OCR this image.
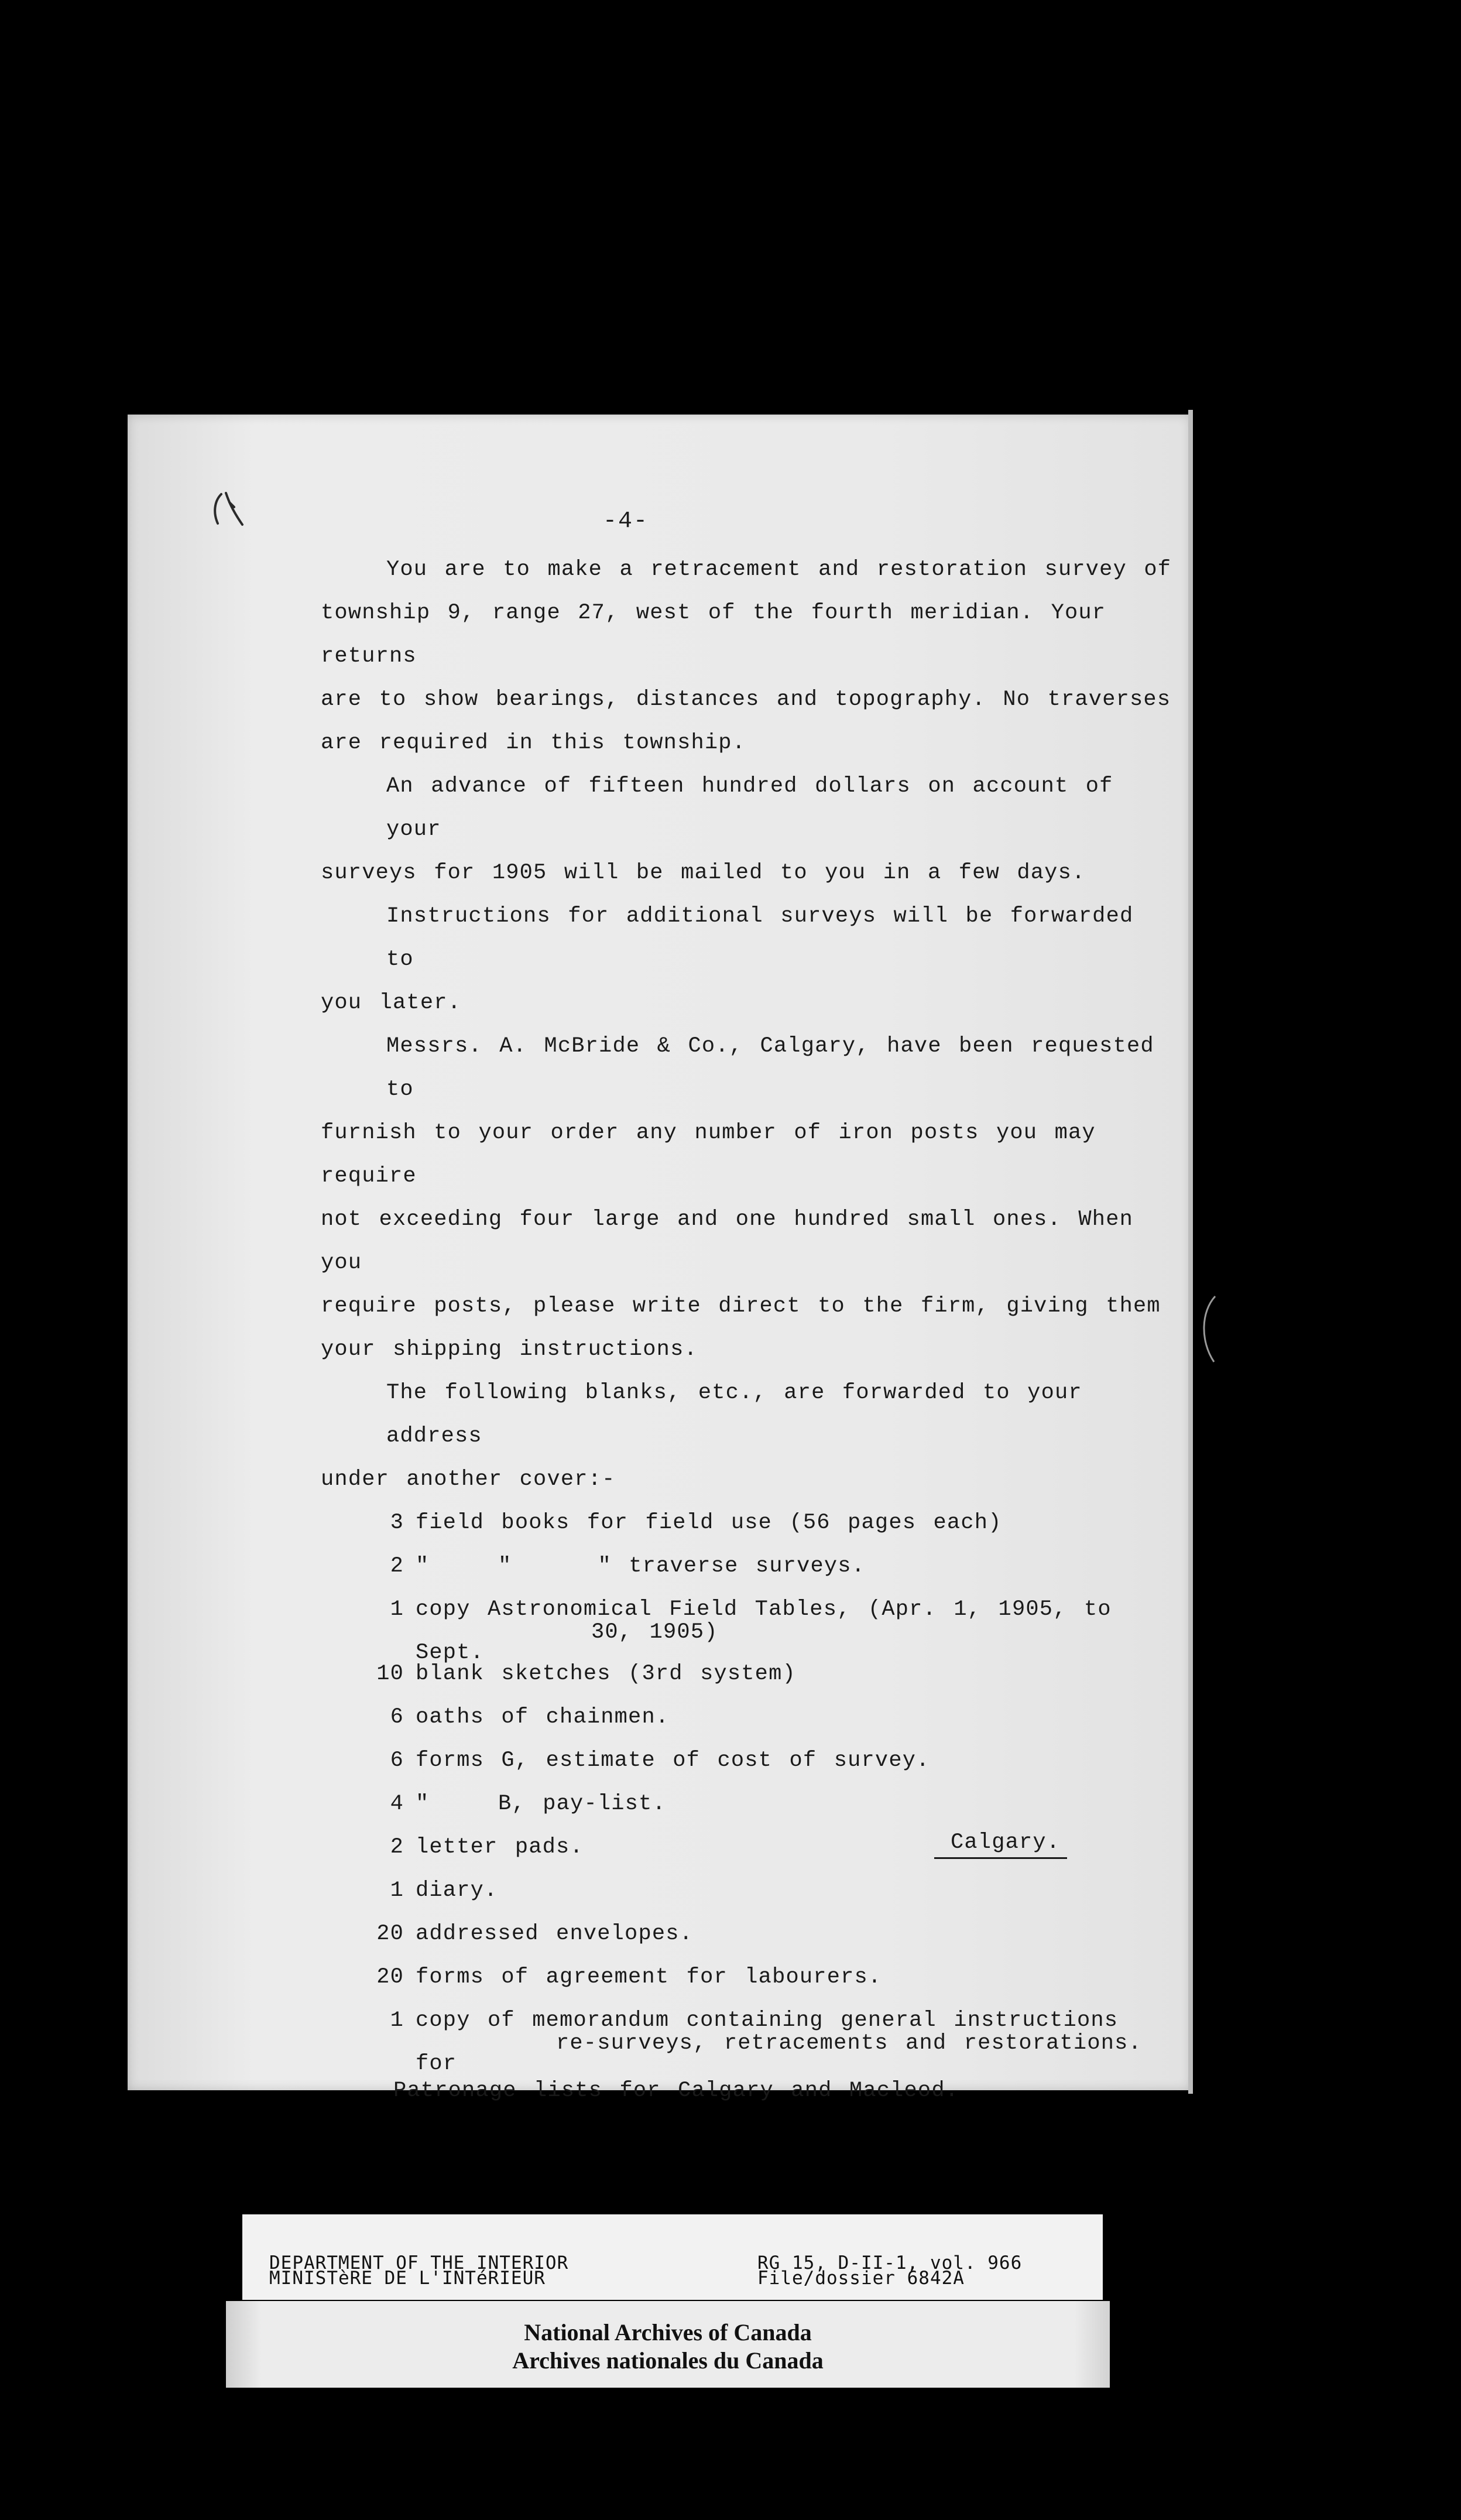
-4-

You are to make a retracement and restoration survey of

township 9, range 27, west of the fourth meridian. Your returns

are to show bearings, distances and topography. No traverses

are required in this township.

An advance of fifteen hundred dollars on account of your

surveys for 1905 will be mailed to you in a few days.

Instructions for additional surveys will be forwarded to

you later.

Messrs. A. McBride & Co., Calgary, have been requested to

furnish to your order any number of iron posts you may require

not exceeding four large and one hundred small ones. When you

require posts, please write direct to the firm, giving them

your shipping instructions.

The following blanks, etc., are forwarded to your address

under another cover:-

3 field books for field use (56 pages each)
2 "    "     " traverse surveys.
1 copy Astronomical Field Tables, (Apr. 1, 1905, to Sept.
30, 1905)
10 blank sketches (3rd system)
6 oaths of chainmen.
6 forms G, estimate of cost of survey.
4 "    B, pay-list.
2 letter pads.
1 diary.
20 addressed envelopes.
20 forms of agreement for labourers.
1 copy of memorandum containing general instructions for
re-surveys, retracements and restorations.

Patronage lists for Calgary and Macleod.

Calgary.
DEPARTMENT OF THE INTERIOR
MINISTèRE DE L'INTéRIEUR
RG 15, D-II-1, vol. 966
File/dossier 6842A
National Archives of Canada
Archives nationales du Canada
